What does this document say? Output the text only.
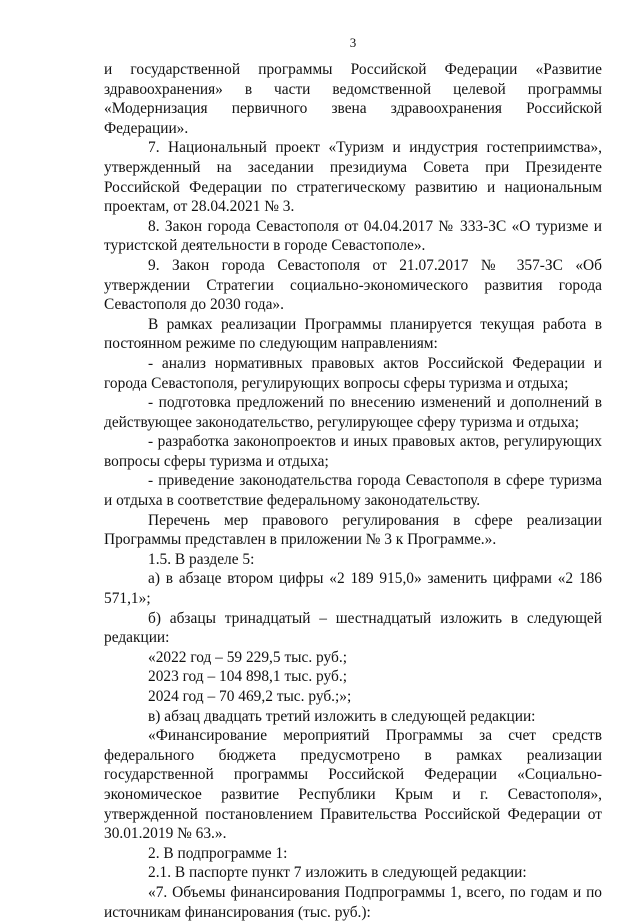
3

и государственной программы Российской Федерации «Развитие здравоохранения» в части ведомственной целевой программы «Модернизация первичного звена здравоохранения Российской Федерации».

7. Национальный проект «Туризм и индустрия гостеприимства», утвержденный на заседании президиума Совета при Президенте Российской Федерации по стратегическому развитию и национальным проектам, от 28.04.2021 № 3.

8. Закон города Севастополя от 04.04.2017 № 333-ЗС «О туризме и туристской деятельности в городе Севастополе».

9. Закон города Севастополя от 21.07.2017 № 357-ЗС «Об утверждении Стратегии социально-экономического развития города Севастополя до 2030 года».

В рамках реализации Программы планируется текущая работа в постоянном режиме по следующим направлениям:

- анализ нормативных правовых актов Российской Федерации и города Севастополя, регулирующих вопросы сферы туризма и отдыха;

- подготовка предложений по внесению изменений и дополнений в действующее законодательство, регулирующее сферу туризма и отдыха;

- разработка законопроектов и иных правовых актов, регулирующих вопросы сферы туризма и отдыха;

- приведение законодательства города Севастополя в сфере туризма и отдыха в соответствие федеральному законодательству.

Перечень мер правового регулирования в сфере реализации Программы представлен в приложении № 3 к Программе.».

1.5. В разделе 5:

а) в абзаце втором цифры «2 189 915,0» заменить цифрами «2 186 571,1»;

б) абзацы тринадцатый – шестнадцатый изложить в следующей редакции:

«2022 год – 59 229,5 тыс. руб.;

2023 год – 104 898,1 тыс. руб.;

2024 год – 70 469,2 тыс. руб.;»;

в) абзац двадцать третий изложить в следующей редакции:

«Финансирование мероприятий Программы за счет средств федерального бюджета предусмотрено в рамках реализации государственной программы Российской Федерации «Социально-экономическое развитие Республики Крым и г. Севастополя», утвержденной постановлением Правительства Российской Федерации от 30.01.2019 № 63.».

2. В подпрограмме 1:

2.1. В паспорте пункт 7 изложить в следующей редакции:

«7. Объемы финансирования Подпрограммы 1, всего, по годам и по источникам финансирования (тыс. руб.):
